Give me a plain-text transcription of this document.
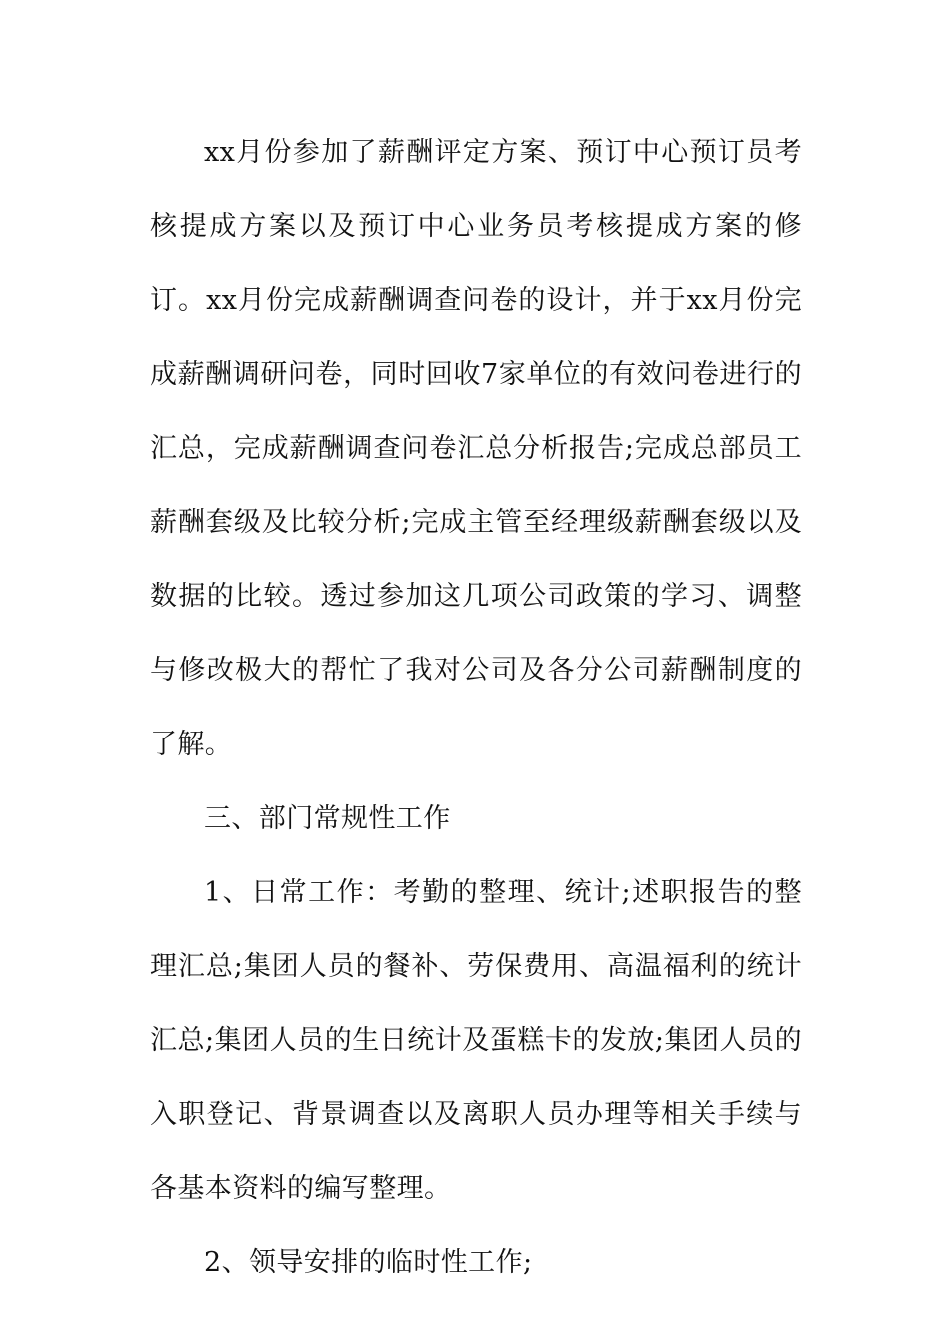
xx月份参加了薪酬评定方案、预订中心预订员考核提成方案以及预订中心业务员考核提成方案的修订。xx月份完成薪酬调查问卷的设计，并于xx月份完成薪酬调研问卷，同时回收7家单位的有效问卷进行的汇总，完成薪酬调查问卷汇总分析报告;完成总部员工薪酬套级及比较分析;完成主管至经理级薪酬套级以及数据的比较。透过参加这几项公司政策的学习、调整与修改极大的帮忙了我对公司及各分公司薪酬制度的了解。

三、部门常规性工作

1、日常工作：考勤的整理、统计;述职报告的整理汇总;集团人员的餐补、劳保费用、高温福利的统计汇总;集团人员的生日统计及蛋糕卡的发放;集团人员的入职登记、背景调查以及离职人员办理等相关手续与各基本资料的编写整理。

2、领导安排的临时性工作;
